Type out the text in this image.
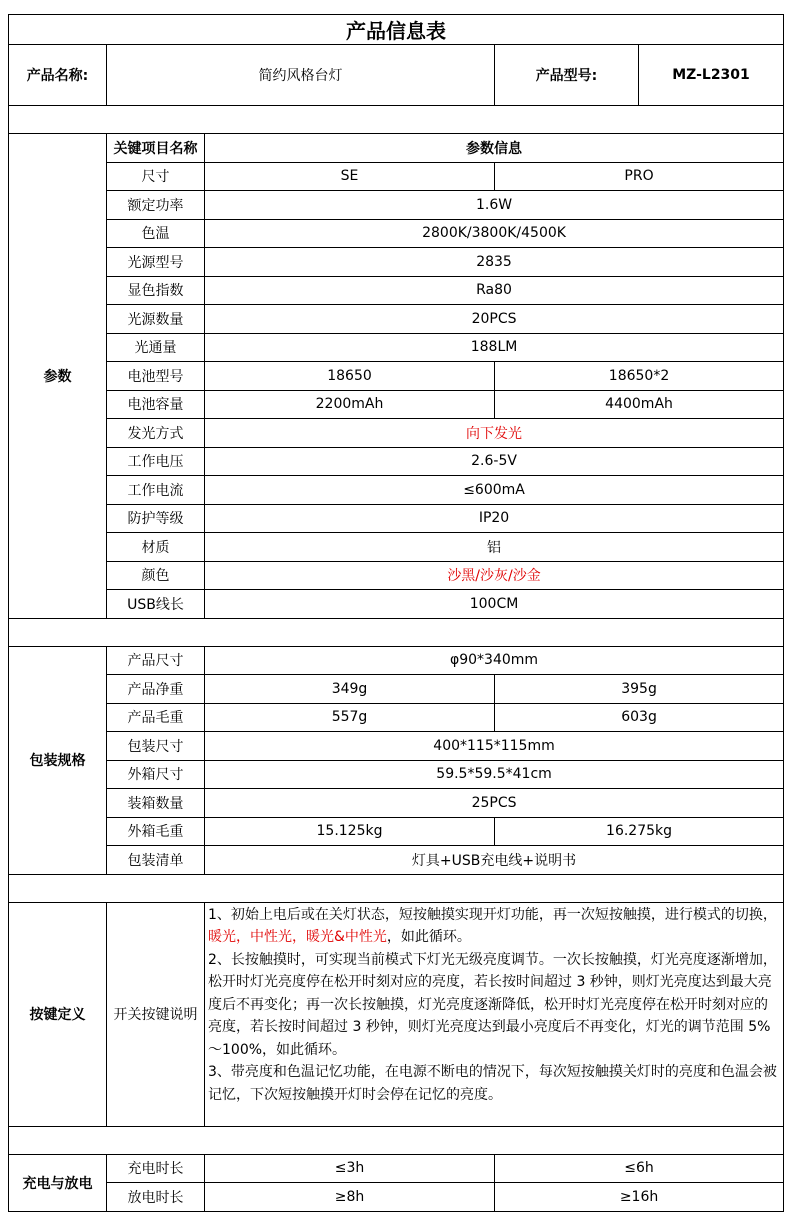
产品信息表				
产品名称:	简约风格台灯		产品型号:	MZ-L2301

参数	关键项目名称	参数信息		
	尺寸	SE	PRO	
	额定功率	1.6W		
	色温	2800K/3800K/4500K		
	光源型号	2835		
	显色指数	Ra80		
	光源数量	20PCS		
	光通量	188LM		
	电池型号	18650	18650*2	
	电池容量	2200mAh	4400mAh	
	发光方式	向下发光		
	工作电压	2.6-5V		
	工作电流	≤600mA		
	防护等级	IP20		
	材质	铝		
	颜色	沙黑/沙灰/沙金		
	USB线长	100CM		

包装规格	产品尺寸	φ90*340mm		
	产品净重	349g	395g	
	产品毛重	557g	603g	
	包装尺寸	400*115*115mm		
	外箱尺寸	59.5*59.5*41cm		
	装箱数量	25PCS		
	外箱毛重	15.125kg	16.275kg	
	包装清单	灯具+USB充电线+说明书		

按键定义	开关按键说明	1、初始上电后或在关灯状态，短按触摸实现开灯功能，再一次短按触摸，进行模式的切换，暖光，中性光，暖光&中性光，如此循环。
2、长按触摸时，可实现当前模式下灯光无级亮度调节。一次长按触摸，灯光亮度逐渐增加，松开时灯光亮度停在松开时刻对应的亮度，若长按时间超过 3 秒钟，则灯光亮度达到最大亮度后不再变化；再一次长按触摸，灯光亮度逐渐降低，松开时灯光亮度停在松开时刻对应的亮度，若长按时间超过 3 秒钟，则灯光亮度达到最小亮度后不再变化，灯光的调节范围 5%～100%，如此循环。
3、带亮度和色温记忆功能，在电源不断电的情况下，每次短按触摸关灯时的亮度和色温会被记忆，下次短按触摸开灯时会停在记忆的亮度。		

充电与放电	充电时长	≤3h	≤6h	
	放电时长	≥8h	≥16h	
